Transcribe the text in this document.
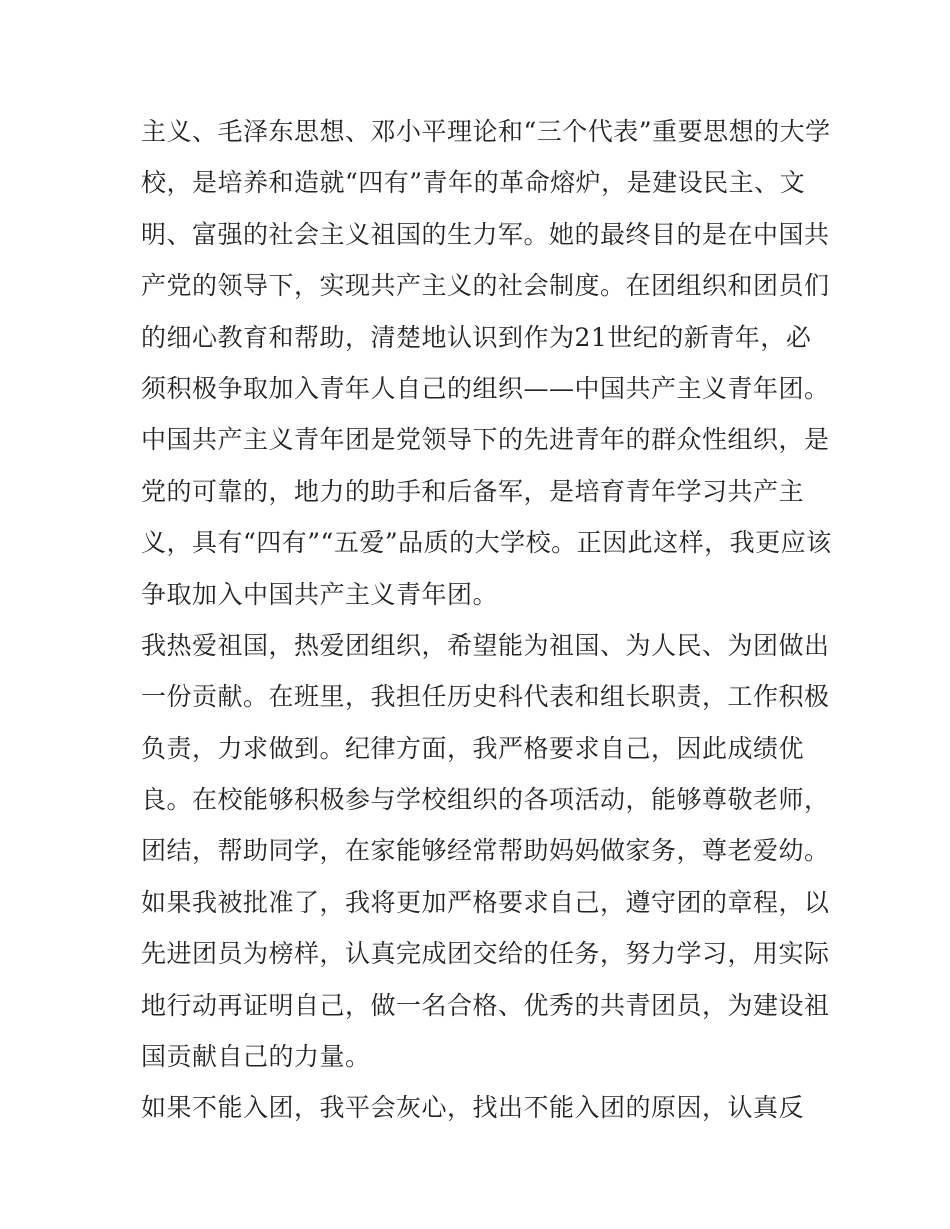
主义、毛泽东思想、邓小平理论和“三个代表”重要思想的大学
校，是培养和造就“四有”青年的革命熔炉，是建设民主、文
明、富强的社会主义祖国的生力军。她的最终目的是在中国共
产党的领导下，实现共产主义的社会制度。在团组织和团员们
的细心教育和帮助，清楚地认识到作为21世纪的新青年，必
须积极争取加入青年人自己的组织——中国共产主义青年团。
中国共产主义青年团是党领导下的先进青年的群众性组织，是
党的可靠的，地力的助手和后备军，是培育青年学习共产主
义，具有“四有”“五爱”品质的大学校。正因此这样，我更应该
争取加入中国共产主义青年团。
我热爱祖国，热爱团组织，希望能为祖国、为人民、为团做出
一份贡献。在班里，我担任历史科代表和组长职责，工作积极
负责，力求做到。纪律方面，我严格要求自己，因此成绩优
良。在校能够积极参与学校组织的各项活动，能够尊敬老师，
团结，帮助同学，在家能够经常帮助妈妈做家务，尊老爱幼。
如果我被批准了，我将更加严格要求自己，遵守团的章程，以
先进团员为榜样，认真完成团交给的任务，努力学习，用实际
地行动再证明自己，做一名合格、优秀的共青团员，为建设祖
国贡献自己的力量。
如果不能入团，我平会灰心，找出不能入团的原因，认真反
